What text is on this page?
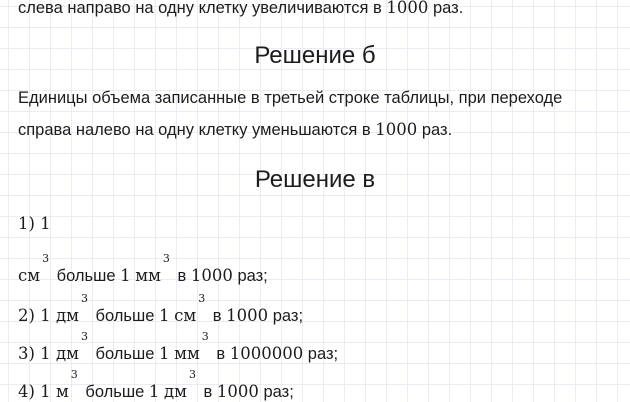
слева направо на одну клетку увеличиваются в 1000 раз.
Решение б
Единицы объема записанные в третьей строке таблицы, при переходе
справа налево на одну клетку уменьшаются в 1000 раз.
Решение в
1) 1
см
3
больше 1 мм
3
в 1000 раз;
2) 1 дм
3
больше 1 см
3
в 1000 раз;
3) 1 дм
3
больше 1 мм
3
в 1000000 раз;
4) 1 м
3
больше 1 дм
3
в 1000 раз;
